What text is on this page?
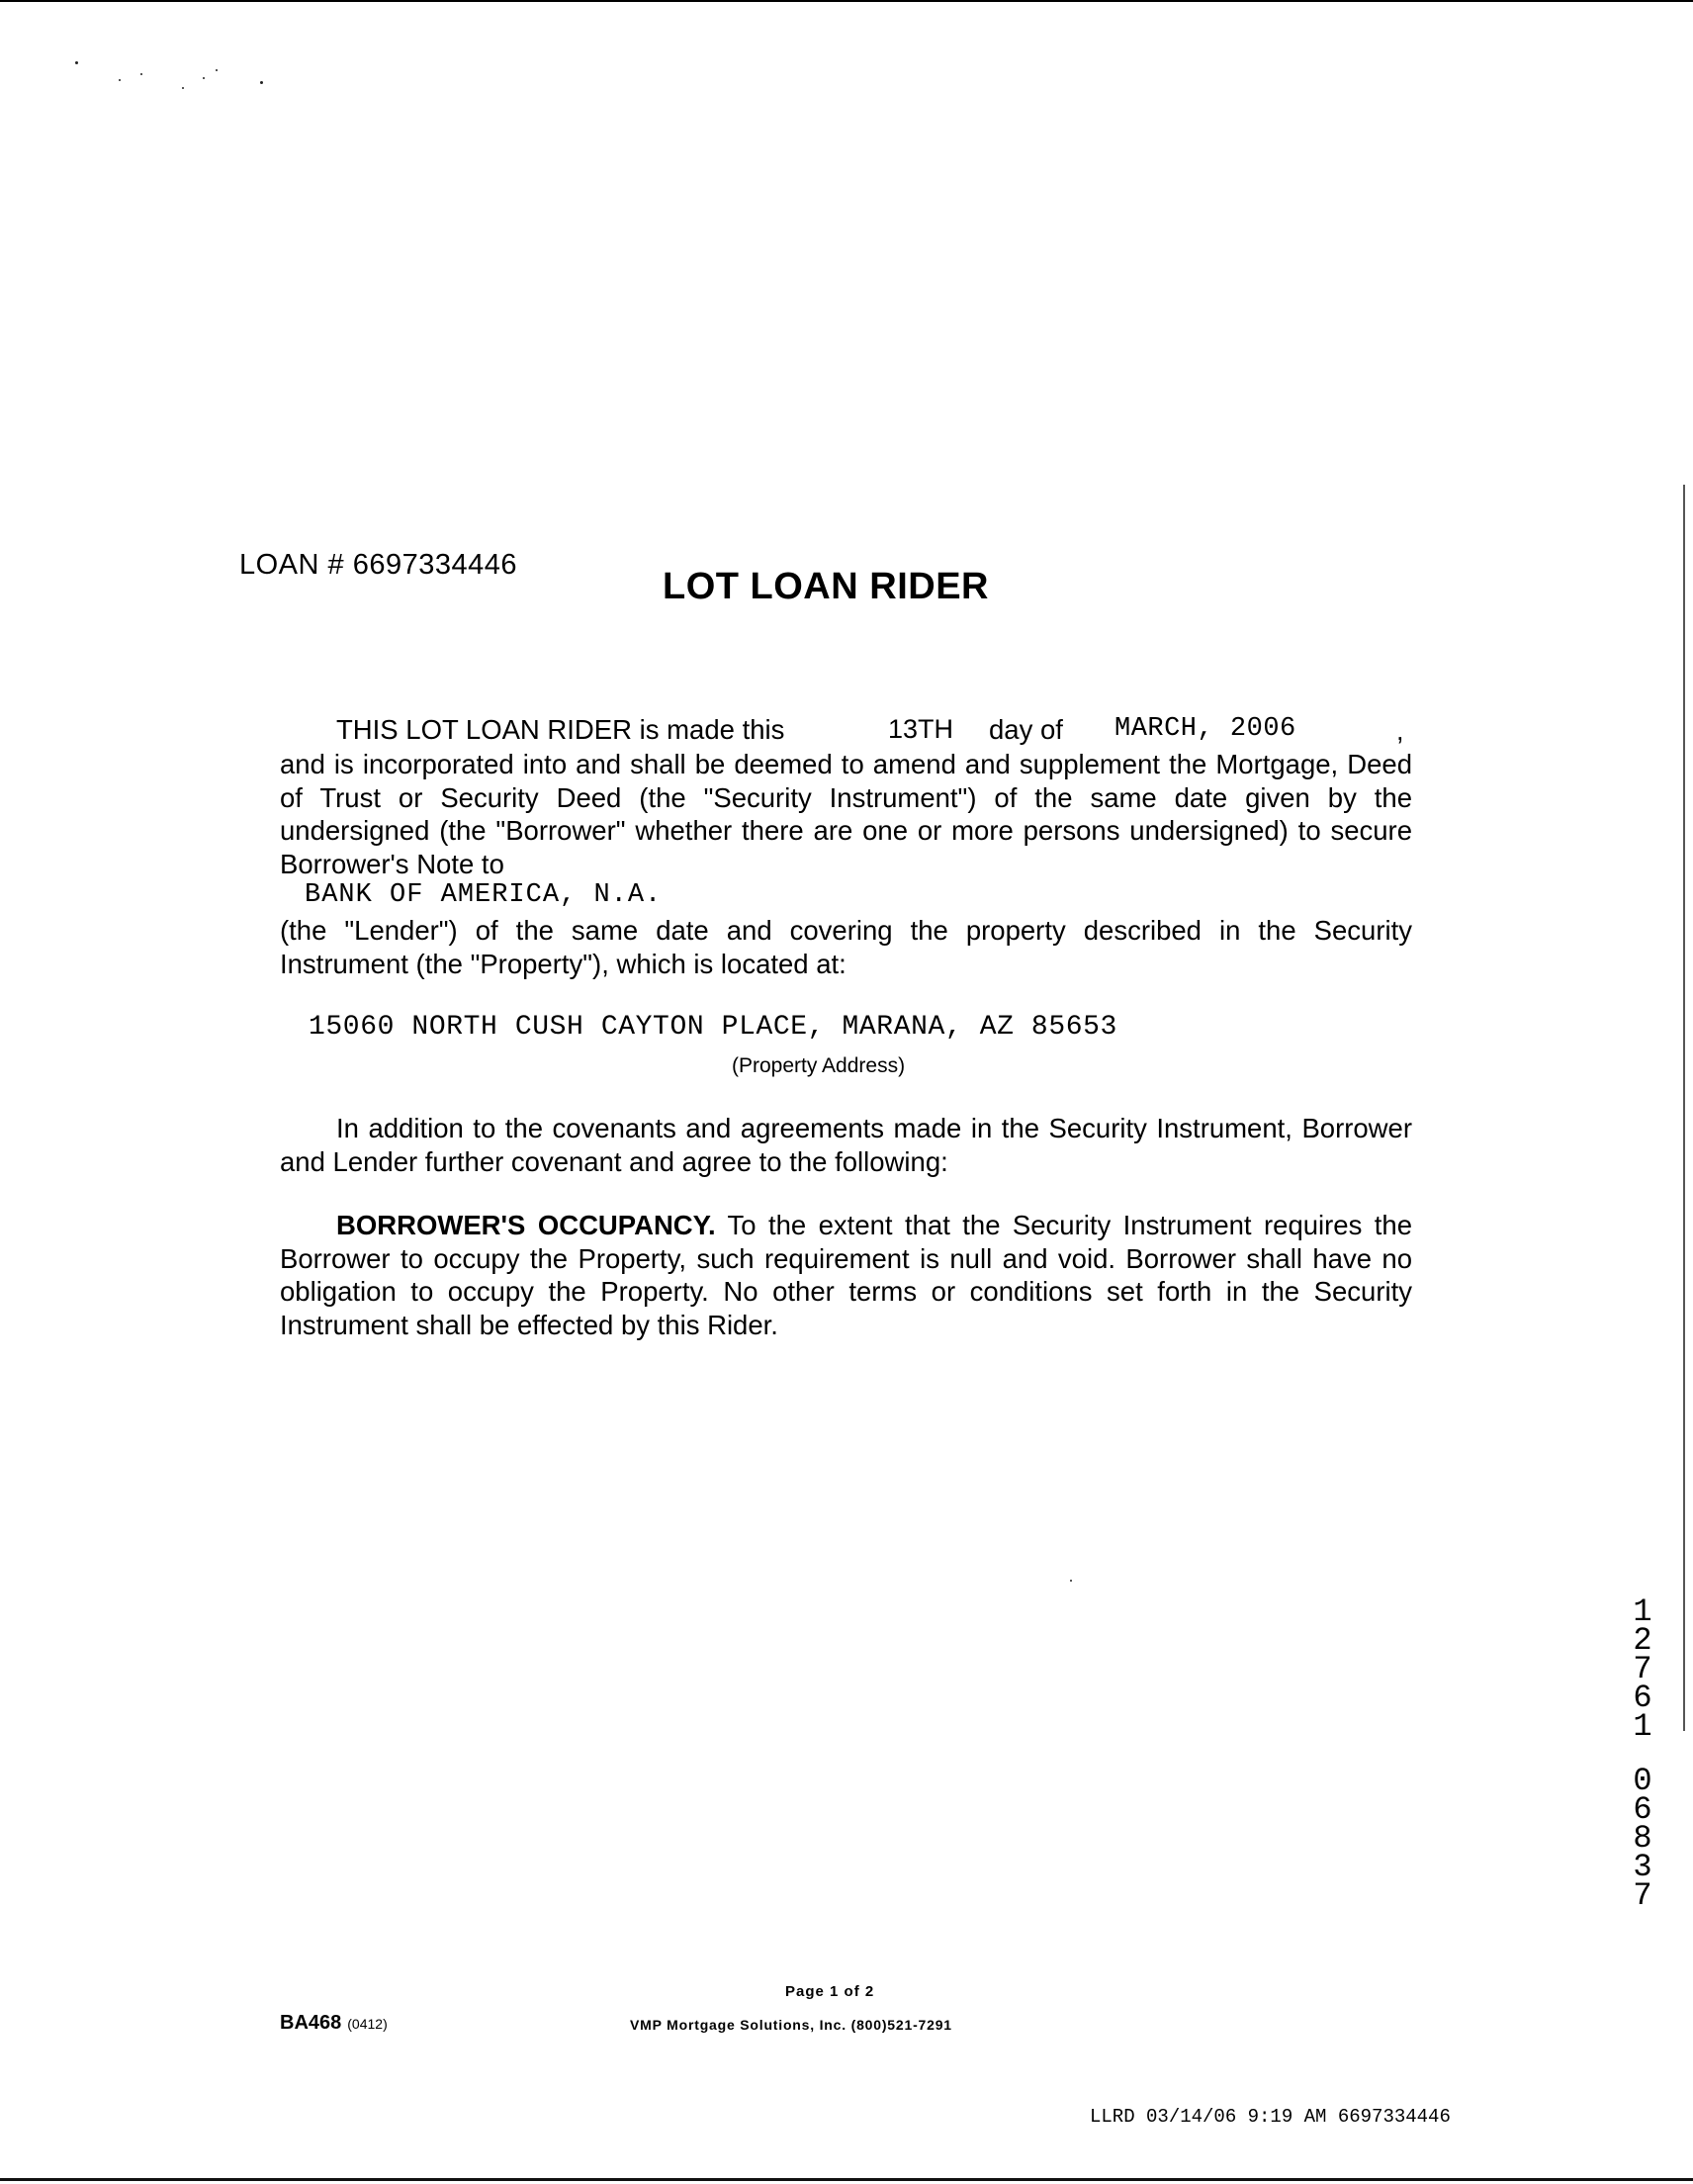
LOAN # 6697334446
LOT LOAN RIDER
THIS LOT LOAN RIDER is made this	13TH day of MARCH, 2006	,
and is incorporated into and shall be deemed to amend and supplement the Mortgage, Deed of Trust or Security Deed (the "Security Instrument") of the same date given by the undersigned (the "Borrower" whether there are one or more persons undersigned) to secure Borrower's Note to
BANK OF AMERICA, N.A.
(the "Lender") of the same date and covering the property described in the Security Instrument (the "Property"), which is located at:
15060 NORTH CUSH CAYTON PLACE, MARANA, AZ 85653
(Property Address)
In addition to the covenants and agreements made in the Security Instrument, Borrower and Lender further covenant and agree to the following:
BORROWER'S OCCUPANCY. To the extent that the Security Instrument requires the Borrower to occupy the Property, such requirement is null and void. Borrower shall have no obligation to occupy the Property. No other terms or conditions set forth in the Security Instrument shall be effected by this Rider.
1
2
7
6
1
0
6
8
3
7
Page 1 of 2
BA468 (0412)	VMP Mortgage Solutions, Inc. (800)521-7291
LLRD 03/14/06 9:19 AM 6697334446
